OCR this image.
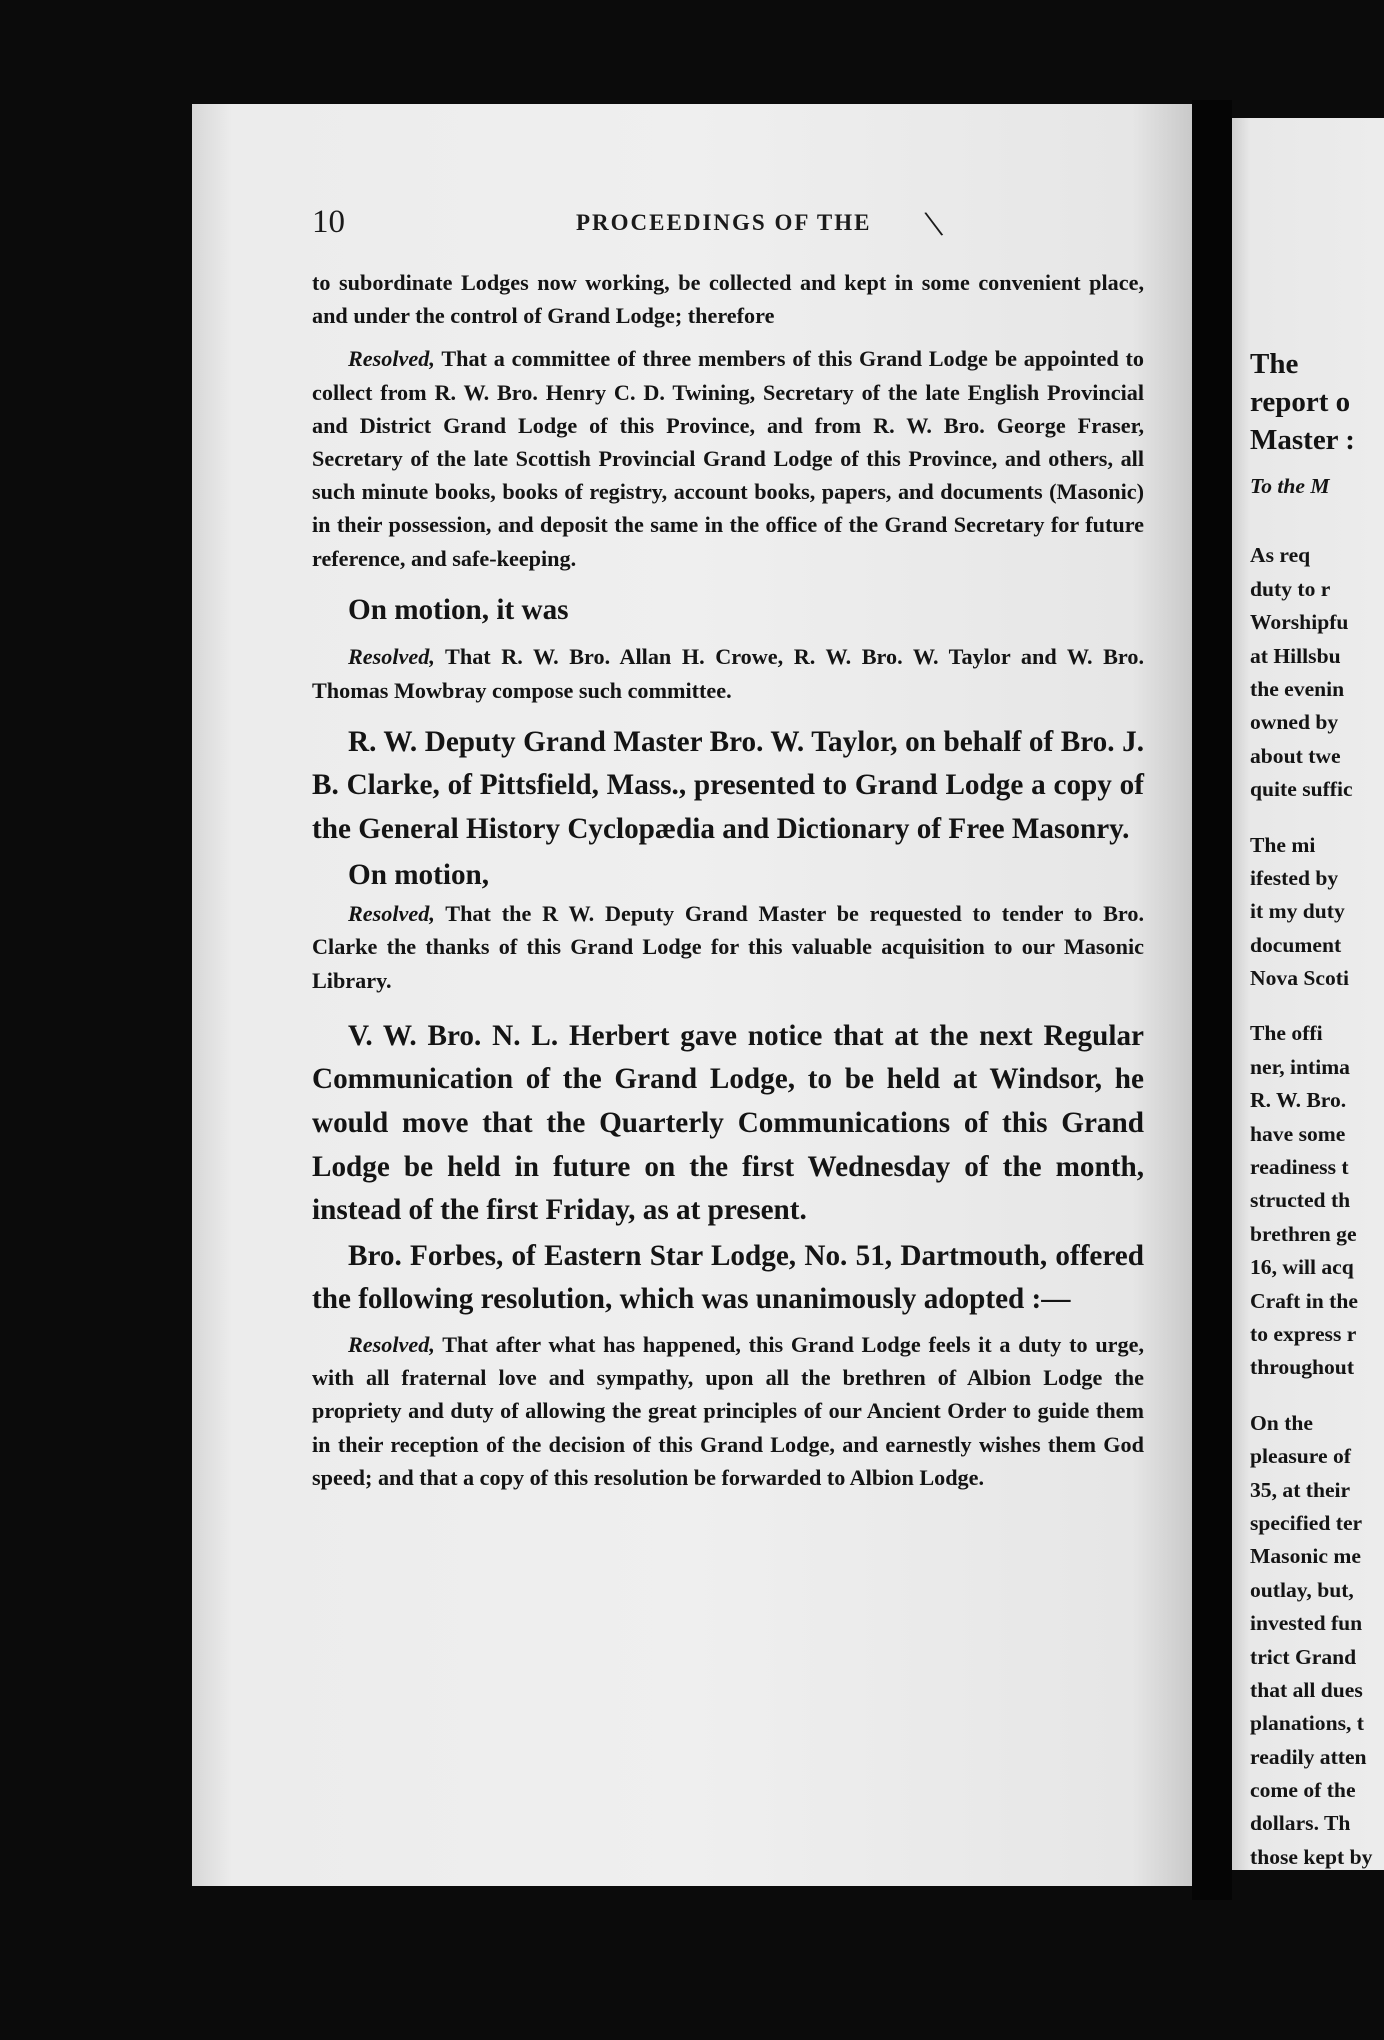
10	PROCEEDINGS OF THE \

to subordinate Lodges now working, be collected and kept in some convenient place, and under the control of Grand Lodge; therefore

Resolved, That a committee of three members of this Grand Lodge be appointed to collect from R. W. Bro. Henry C. D. Twining, Secretary of the late English Provincial and District Grand Lodge of this Province, and from R. W. Bro. George Fraser, Secretary of the late Scottish Provincial Grand Lodge of this Province, and others, all such minute books, books of registry, account books, papers, and documents (Masonic) in their possession, and deposit the same in the office of the Grand Secretary for future reference, and safe-keeping.

On motion, it was

Resolved, That R. W. Bro. Allan H. Crowe, R. W. Bro. W. Taylor and W. Bro. Thomas Mowbray compose such committee.

R. W. Deputy Grand Master Bro. W. Taylor, on behalf of Bro. J. B. Clarke, of Pittsfield, Mass., presented to Grand Lodge a copy of the General History Cyclopædia and Dictionary of Free Masonry.

On motion,

Resolved, That the R W. Deputy Grand Master be requested to tender to Bro. Clarke the thanks of this Grand Lodge for this valuable acquisition to our Masonic Library.

V. W. Bro. N. L. Herbert gave notice that at the next Regular Communication of the Grand Lodge, to be held at Windsor, he would move that the Quarterly Communications of this Grand Lodge be held in future on the first Wednesday of the month, instead of the first Friday, as at present.

Bro. Forbes, of Eastern Star Lodge, No. 51, Dartmouth, offered the following resolution, which was unanimously adopted :—

Resolved, That after what has happened, this Grand Lodge feels it a duty to urge, with all fraternal love and sympathy, upon all the brethren of Albion Lodge the propriety and duty of allowing the great principles of our Ancient Order to guide them in their reception of the decision of this Grand Lodge, and earnestly wishes them God speed; and that a copy of this resolution be forwarded to Albion Lodge.

The
report o
Master :
To the M
As req
duty to r
Worshipfu
at Hillsbu
the evenin
owned by
about twe
quite suffic
The mi
ifested by
it my duty
document
Nova Scoti
The offi
ner, intima
R. W. Bro.
have some
readiness t
structed th
brethren ge
16, will acq
Craft in the
to express r
throughout
On the
pleasure of
35, at their
specified ter
Masonic me
outlay, but,
invested fun
trict Grand
that all dues
planations, t
readily atten
come of the
dollars. Th
those kept by
